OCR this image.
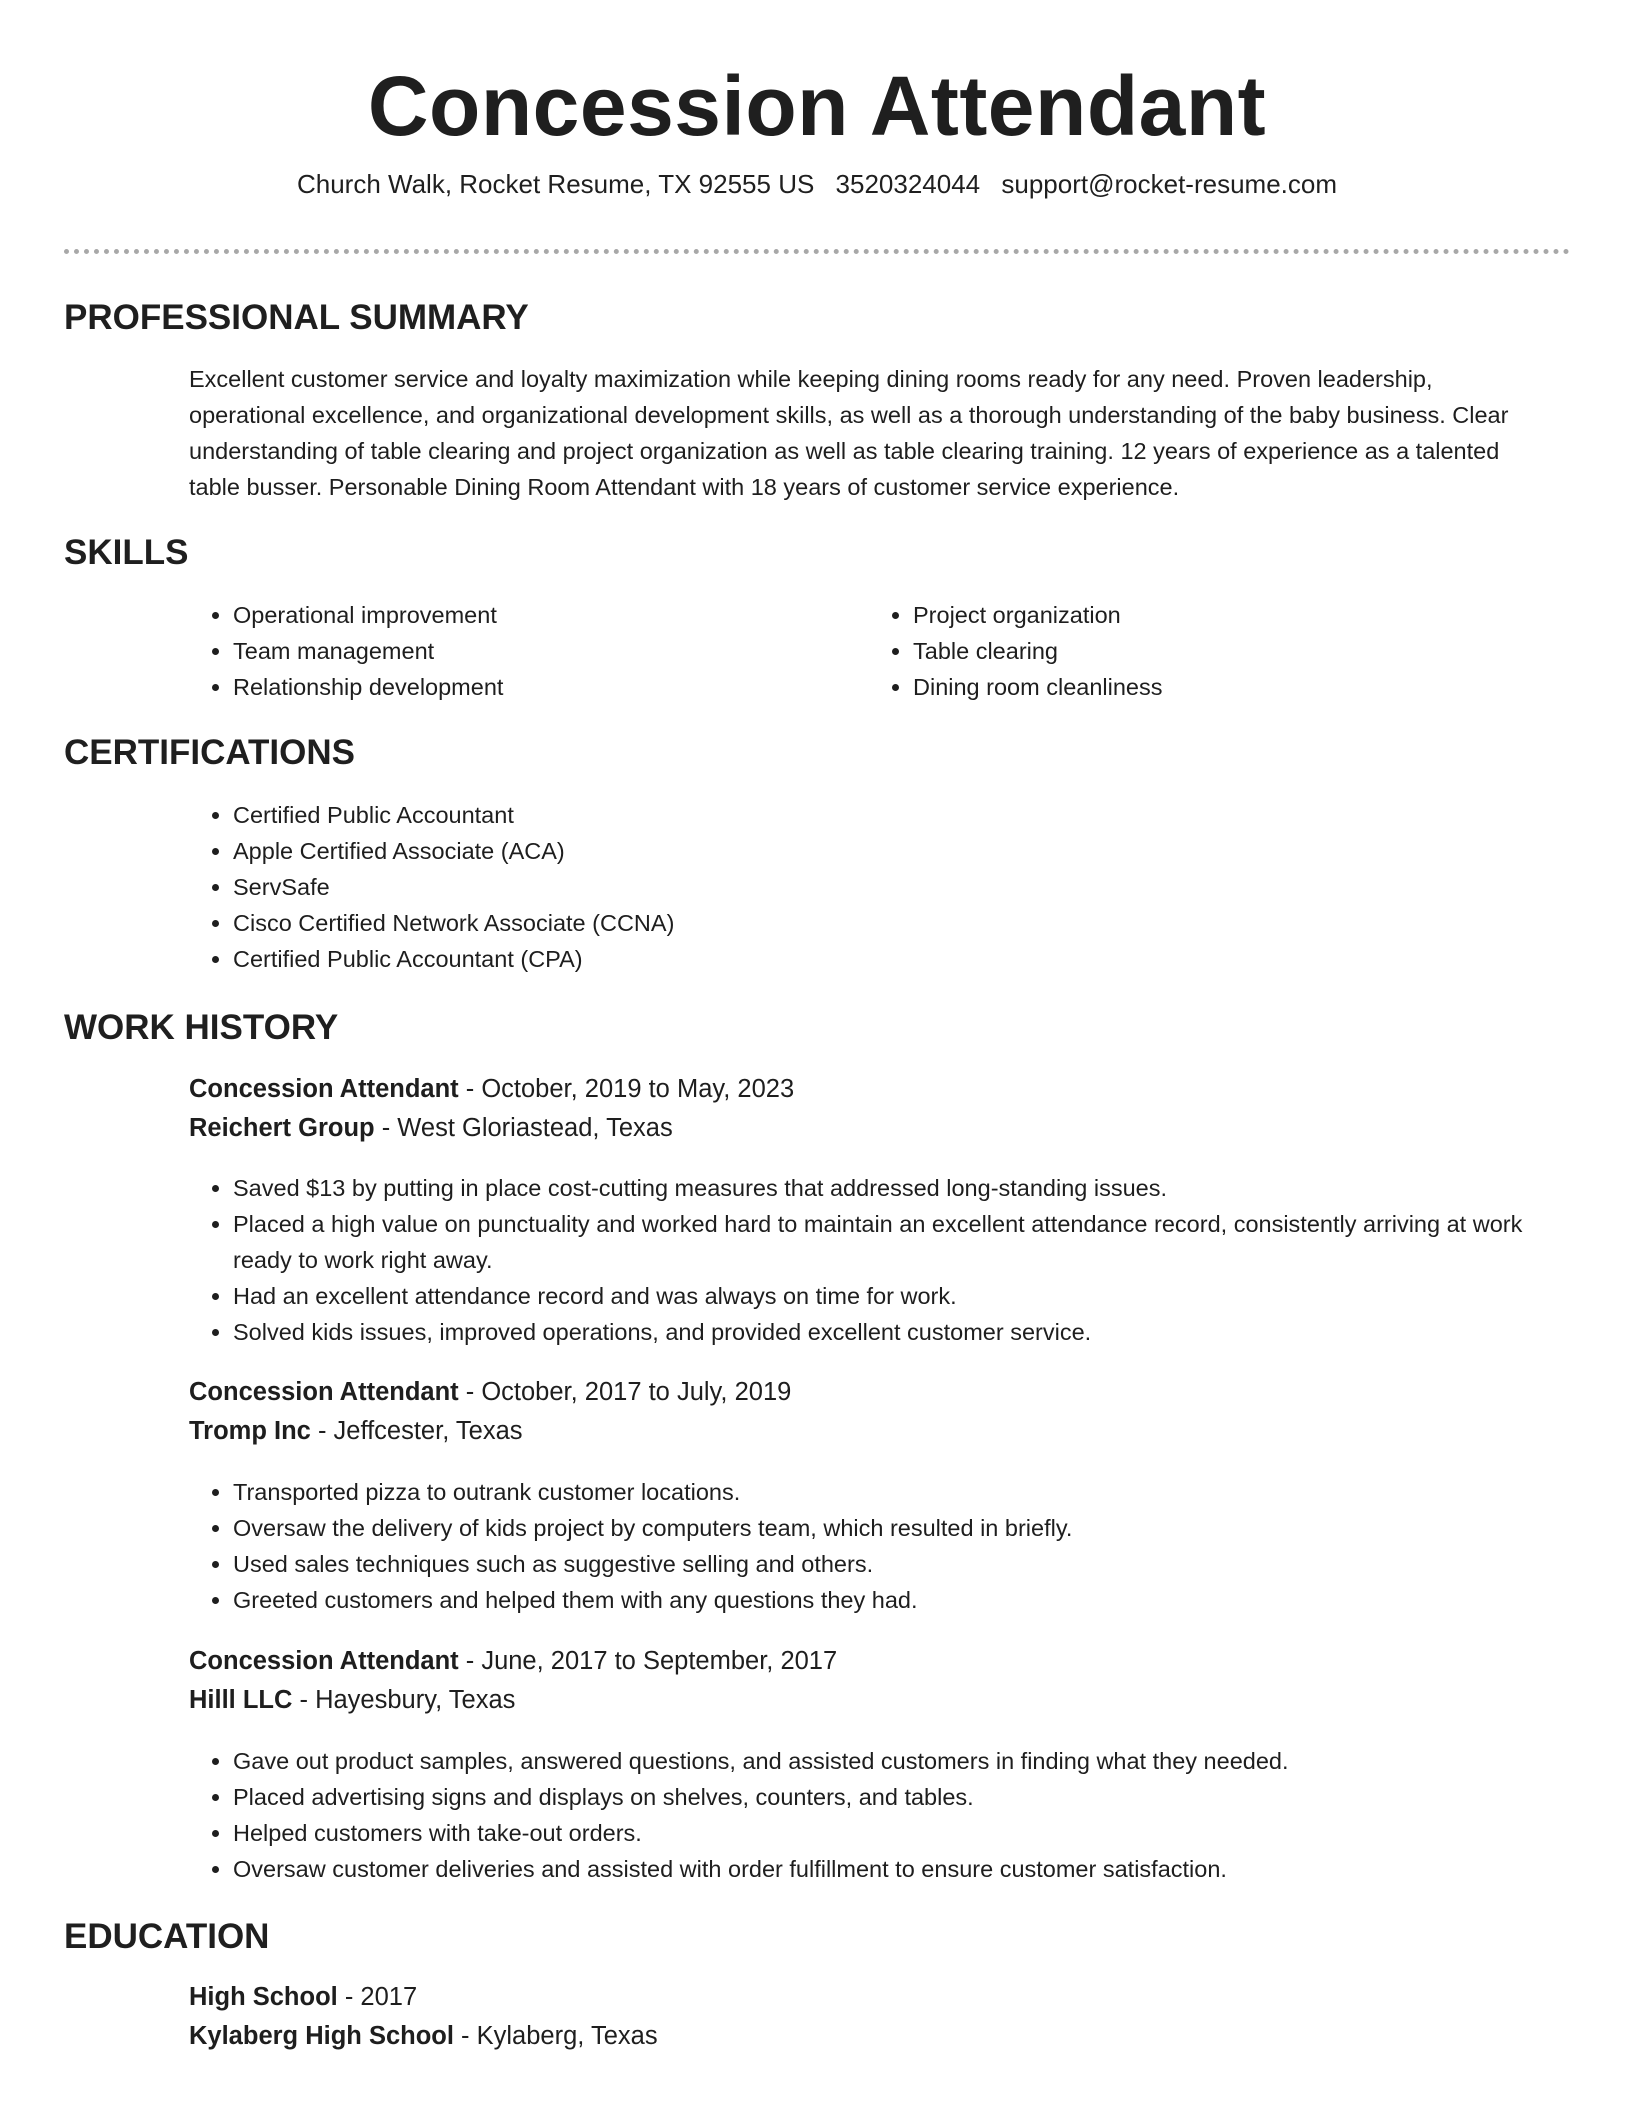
Concession Attendant
Church Walk, Rocket Resume, TX 92555 US 3520324044 support@rocket-resume.com
PROFESSIONAL SUMMARY

Excellent customer service and loyalty maximization while keeping dining rooms ready for any need. Proven leadership, operational excellence, and organizational development skills, as well as a thorough understanding of the baby business. Clear understanding of table clearing and project organization as well as table clearing training. 12 years of experience as a talented table busser. Personable Dining Room Attendant with 18 years of customer service experience.

SKILLS
• Operational improvement
• Team management
• Relationship development
• Project organization
• Table clearing
• Dining room cleanliness
CERTIFICATIONS
• Certified Public Accountant
• Apple Certified Associate (ACA)
• ServSafe
• Cisco Certified Network Associate (CCNA)
• Certified Public Accountant (CPA)
WORK HISTORY

Concession Attendant - October, 2019 to May, 2023

Reichert Group - West Gloriastead, Texas

• Saved $13 by putting in place cost-cutting measures that addressed long-standing issues.
• Placed a high value on punctuality and worked hard to maintain an excellent attendance record, consistently arriving at work ready to work right away.
• Had an excellent attendance record and was always on time for work.
• Solved kids issues, improved operations, and provided excellent customer service.

Concession Attendant - October, 2017 to July, 2019

Tromp Inc - Jeffcester, Texas

• Transported pizza to outrank customer locations.
• Oversaw the delivery of kids project by computers team, which resulted in briefly.
• Used sales techniques such as suggestive selling and others.
• Greeted customers and helped them with any questions they had.

Concession Attendant - June, 2017 to September, 2017

Hilll LLC - Hayesbury, Texas

• Gave out product samples, answered questions, and assisted customers in finding what they needed.
• Placed advertising signs and displays on shelves, counters, and tables.
• Helped customers with take-out orders.
• Oversaw customer deliveries and assisted with order fulfillment to ensure customer satisfaction.
EDUCATION

High School - 2017

Kylaberg High School - Kylaberg, Texas
